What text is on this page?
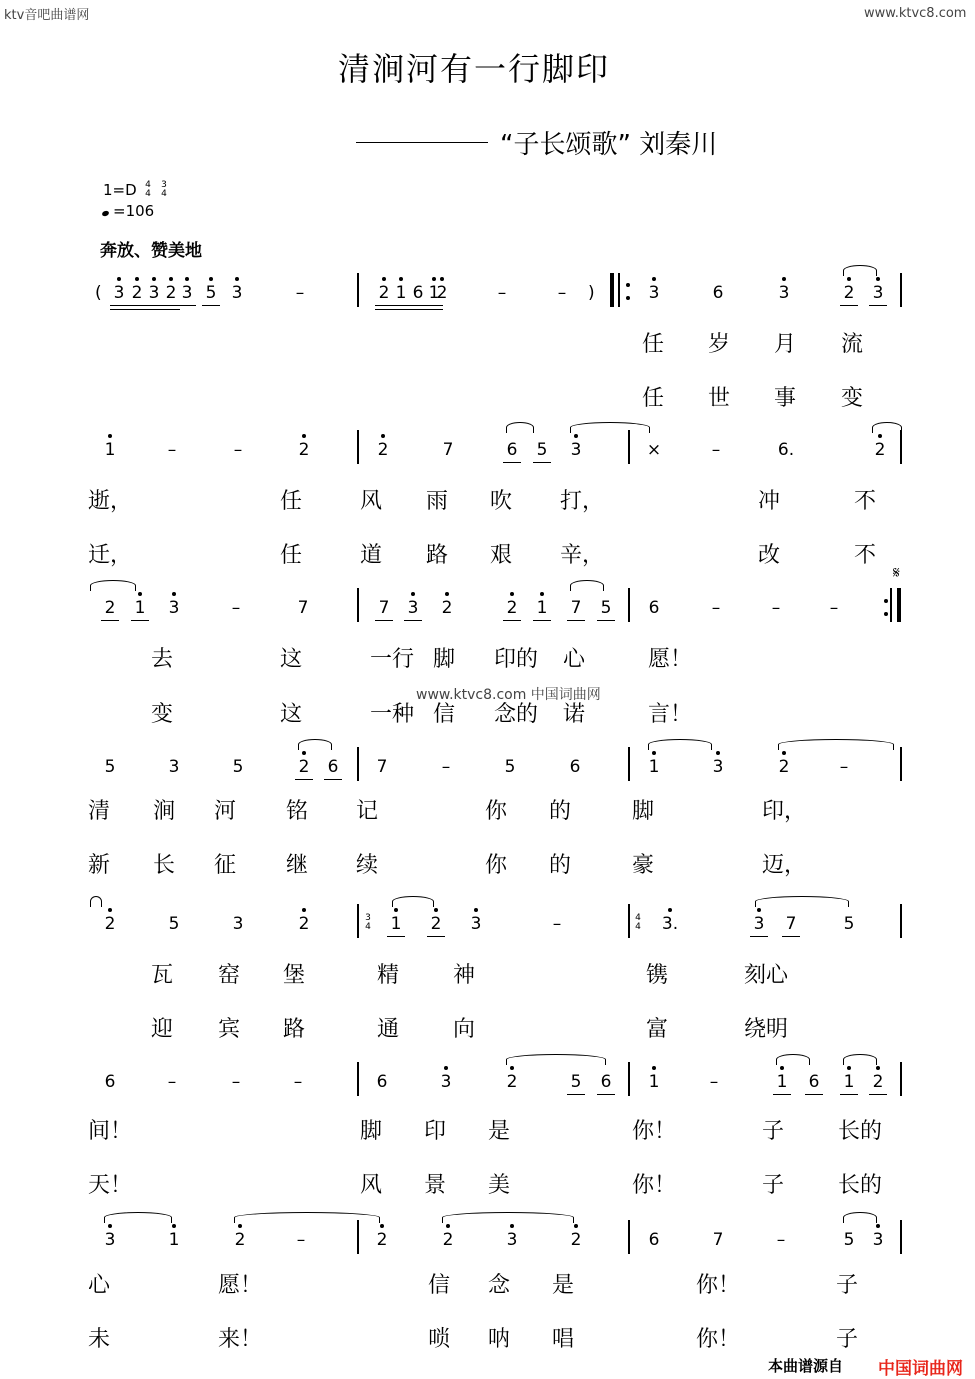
ktv音吧曲谱网	www.ktvc8.com
www.ktvc8.com 中国词曲网
清涧河有一行脚印
“子长颂歌” 刘秦川
1=D 4
4
3
4
=106
奔放、赞美地
3 2 3 2 3 5 3	–	2 1 6 1
2	–	–	3	6	3	2 3
任 岁 月 流
任 世 事 变
1	–	–	2	2	7	6 5 3	×	–	6.	2
逝，	任	风 雨 吹 打，	冲	不
迁，	任	道 路 艰 辛，	改	不
2 1 3	–	7	7 3 2	2 1 7 5 6	–	–	–
去	这	一行 脚 印的 心	愿！
变	这	一种 信 念的 诺	言！
5	3	5	2 6 7	–	5	6	1	3	2	–
清 涧 河 铭 记	你 的	脚	印，
新 长 征 继 续	你 的	豪	迈，
2	5	3	2	1 2 3	–	3.	3 7	5
瓦 窑 堡	精 神	镌	刻心
迎 宾 路	通 向	富	绕明
6	–	–	–	6	3	2	5 6 1	–	1 6 1 2
间！	脚 印 是	你！	子 长的
天！	风 景 美	你！	子 长的
3	1	2	–	2	2	3	2	6	7	–	5 3
心	愿！	信 念 是	你！	子
未	来！	唢 呐 唱	你！	子
(	)
𝄋
3
4
4
4
本曲谱源自 中国词曲网
